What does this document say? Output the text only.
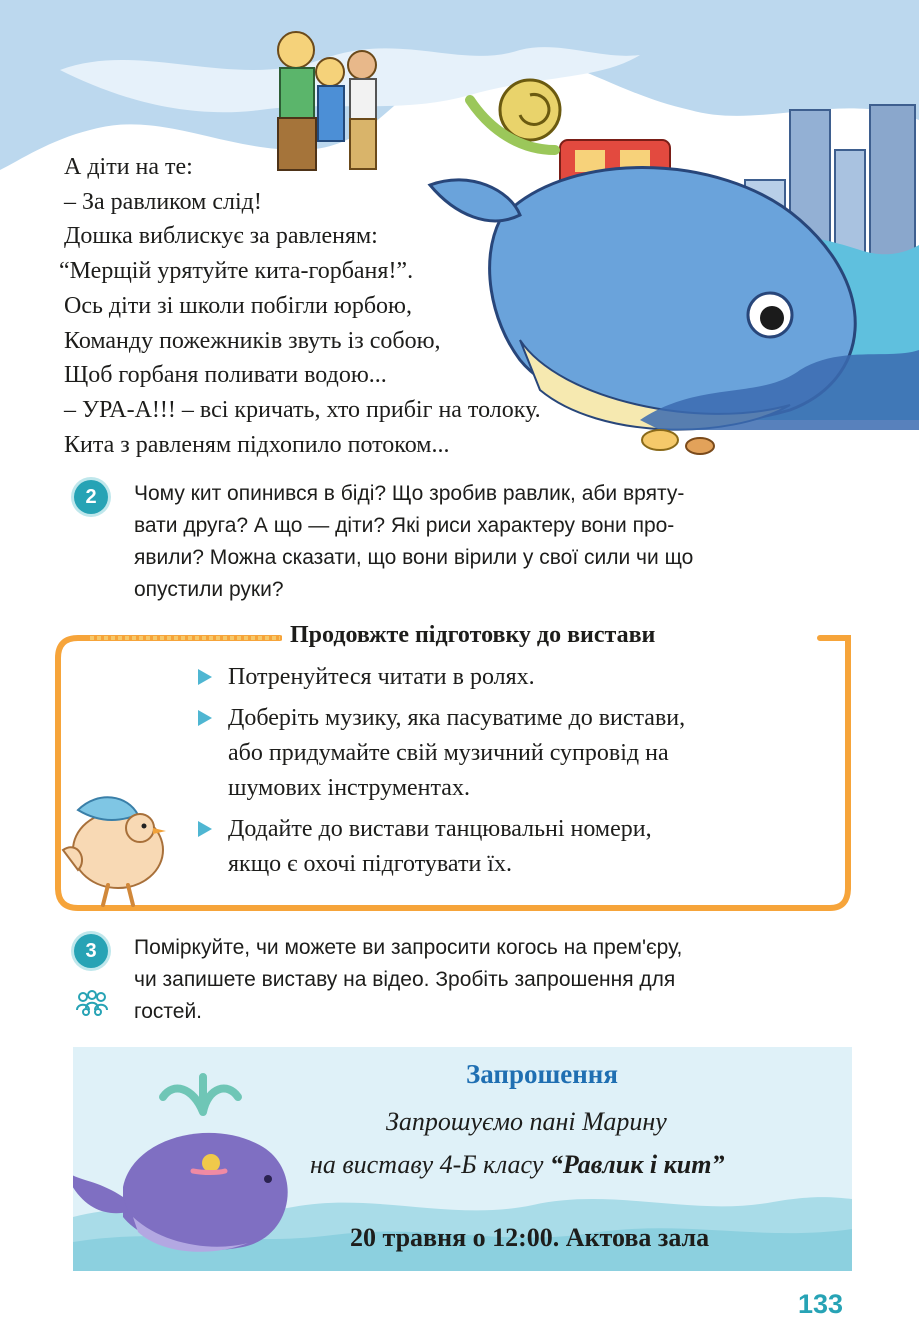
А діти на те:
– За равликом слід!
Дошка виблискує за равленям:
“Мерщій урятуйте кита-горбаня!”.
Ось діти зі школи побігли юрбою,
Команду пожежників звуть із собою,
Щоб горбаня поливати водою...
– УРА-А!!! – всі кричать, хто прибіг на толоку.
Кита з равленям підхопило потоком...
2	Чому кит опинився в біді? Що зробив равлик, аби вряту-
вати друга? А що — діти? Які риси характеру вони про-
явили? Можна сказати, що вони вірили у свої сили чи що
опустили руки?
Продовжте підготовку до вистави
Потренуйтеся читати в ролях.
Доберіть музику, яка пасуватиме до вистави,
або придумайте свій музичний супровід на
шумових інструментах.
Додайте до вистави танцювальні номери,
якщо є охочі підготувати їх.
3	Поміркуйте, чи можете ви запросити когось на прем'єру,
чи запишете виставу на відео. Зробіть запрошення для
гостей.
Запрошення
Запрошуємо пані Марину
на виставу 4-Б класу “Равлик і кит”
20 травня о 12:00. Актова зала
133
